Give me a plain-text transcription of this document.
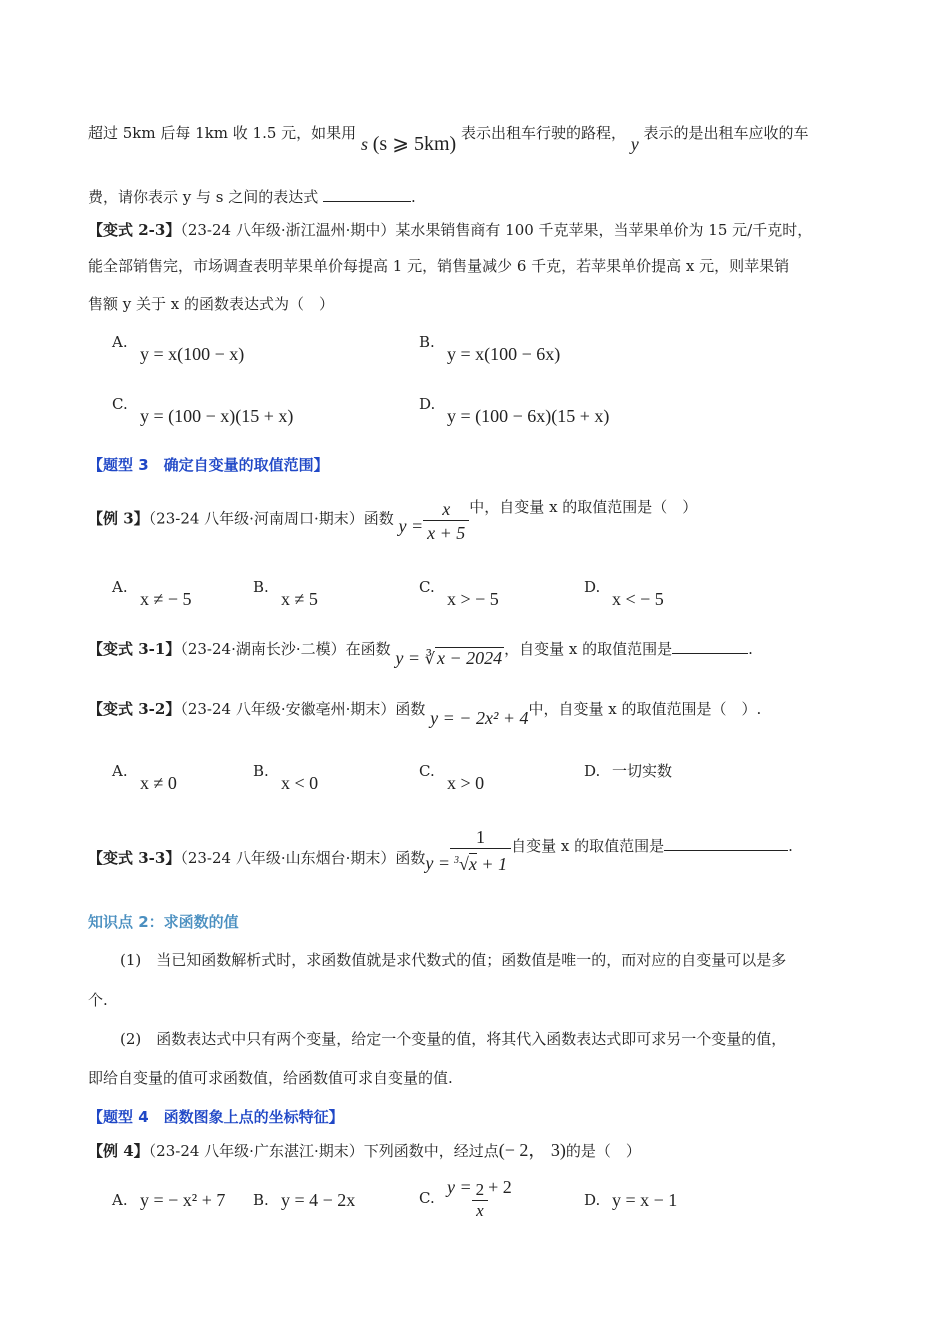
超过 5km 后每 1km 收 1.5 元，如果用 s (s ⩾ 5km) 表示出租车行驶的路程， y 表示的是出租车应收的车
费，请你表示 y 与 s 之间的表达式	.
【变式 2-3】（23-24 八年级·浙江温州·期中）某水果销售商有 100 千克苹果，当苹果单价为 15 元/千克时，
能全部销售完，市场调查表明苹果单价每提高 1 元，销售量减少 6 千克，若苹果单价提高 x 元，则苹果销
售额 y 关于 x 的函数表达式为（　）
A.
y = x(100 − x)
B.
y = x(100 − 6x)
C.
y = (100 − x)(15 + x)
D.
y = (100 − 6x)(15 + x)
【题型 3　确定自变量的取值范围】
【例 3】（23-24 八年级·河南周口·期末）函数 $y = \frac{x}{x + 5}$ 中，自变量 x 的取值范围是（　）
A.
x ≠ − 5
B.
x ≠ 5
C.
x > − 5
D.
x < − 5
【变式 3-1】（23-24·湖南长沙·二模）在函数 y = ∛ x − 2024 ，自变量 x 的取值范围是	.
【变式 3-2】（23-24 八年级·安徽亳州·期末）函数 y = − 2x² + 4中，自变量 x 的取值范围是（　）.
A.
x ≠ 0
B.
x < 0
C.
x > 0
D. 一切实数
【变式 3-3】（23-24 八年级·山东烟台·期末）函数$y = \frac{1}{^3√x + 1}$ 自变量 x 的取值范围是	.
知识点 2：求函数的值
(1)　当已知函数解析式时，求函数值就是求代数式的值；函数值是唯一的，而对应的自变量可以是多
个.
(2)　函数表达式中只有两个变量，给定一个变量的值，将其代入函数表达式即可求另一个变量的值，
即给自变量的值可求函数值，给函数值可求自变量的值.
【题型 4　函数图象上点的坐标特征】
【例 4】（23-24 八年级·广东湛江·期末）下列函数中，经过点(− 2， 3)的是（　）
A. y = − x² + 7 B. y = 4 − 2x	C.
$y = \frac{2}{x} + 2$
D. y = x − 1
